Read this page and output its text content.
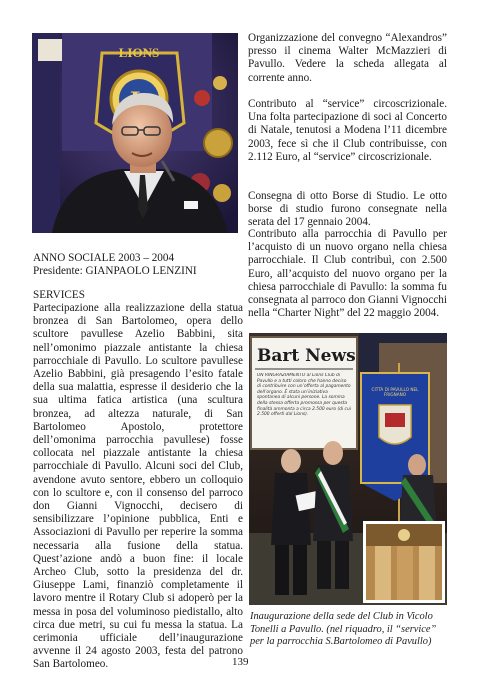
LIONS
ANNO SOCIALE 2003 – 2004
Presidente: GIANPAOLO LENZINI
SERVICES
Partecipazione alla realizzazione della statua bronzea di San Bartolomeo, opera dello scultore pavullese Azelio Babbini, sita nell’omonimo piazzale antistante la chiesa parrocchiale di Pavullo. Lo scultore pavullese Azelio Babbini, già presagendo l’esito fatale della sua malattia, espresse il desiderio che la sua ultima fatica artistica (una scultura bronzea, ad altezza naturale, di San Bartolomeo Apostolo, protettore dell’omonima parrocchia pavullese) fosse collocata nel piazzale antistante la chiesa parrocchiale di Pavullo. Alcuni soci del Club, avendone avuto sentore, ebbero un colloquio con lo scultore e, con il consenso del parroco don Gianni Vignocchi, decisero di sensibilizzare l’opinione pubblica, Enti e Associazioni di Pavullo per reperire la somma necessaria alla fusione della statua. Quest’azione andò a buon fine: il locale Archeo Club, sotto la presidenza del dr. Giuseppe Lami, finanziò completamente il lavoro mentre il Rotary Club si adoperò per la messa in posa del voluminoso piedistallo, alto circa due metri, su cui fu messa la statua. La cerimonia ufficiale dell’inaugurazione avvenne il 24 agosto 2003, festa del patrono San Bartolomeo.
Organizzazione del convegno “Alexandros” presso il cinema Walter McMazzieri di Pavullo. Vedere la scheda allegata al corrente anno.
Contributo al “service” circoscrizionale. Una folta partecipazione di soci al Concerto di Natale, tenutosi a Modena l’11 dicembre 2003, fece sì che il Club contribuisse, con 2.112 Euro, al “service” circoscrizionale.
Consegna di otto Borse di Studio. Le otto borse di studio furono consegnate nella serata del 17 gennaio 2004.
Contributo alla parrocchia di Pavullo per l’acquisto di un nuovo organo nella chiesa parrocchiale. Il Club contribuì, con 2.500 Euro, all’acquisto del nuovo organo per la chiesa parrocchiale di Pavullo: la somma fu consegnata al parroco don Gianni Vignocchi nella “Charter Night” del 22 maggio 2004.
Bart News
UN RINGRAZIAMENTO al Lions Club di Pavullo e a tutti coloro che hanno deciso di contribuire con un’offerta al pagamento dell’organo. È stata un’iniziativa spontanea di alcuni persone. La somma della stessa offerta promossa per questa finalità ammonta a circa 2.500 euro (di cui 2.500 offerti dal Lions).
CITTÀ DI PAVULLO NEL FRIGNANO
Inaugurazione della sede del Club in Vicolo Tonelli a Pavullo. (nel riquadro, il “service” per la parrocchia S.Bartolomeo di Pavullo)
139
